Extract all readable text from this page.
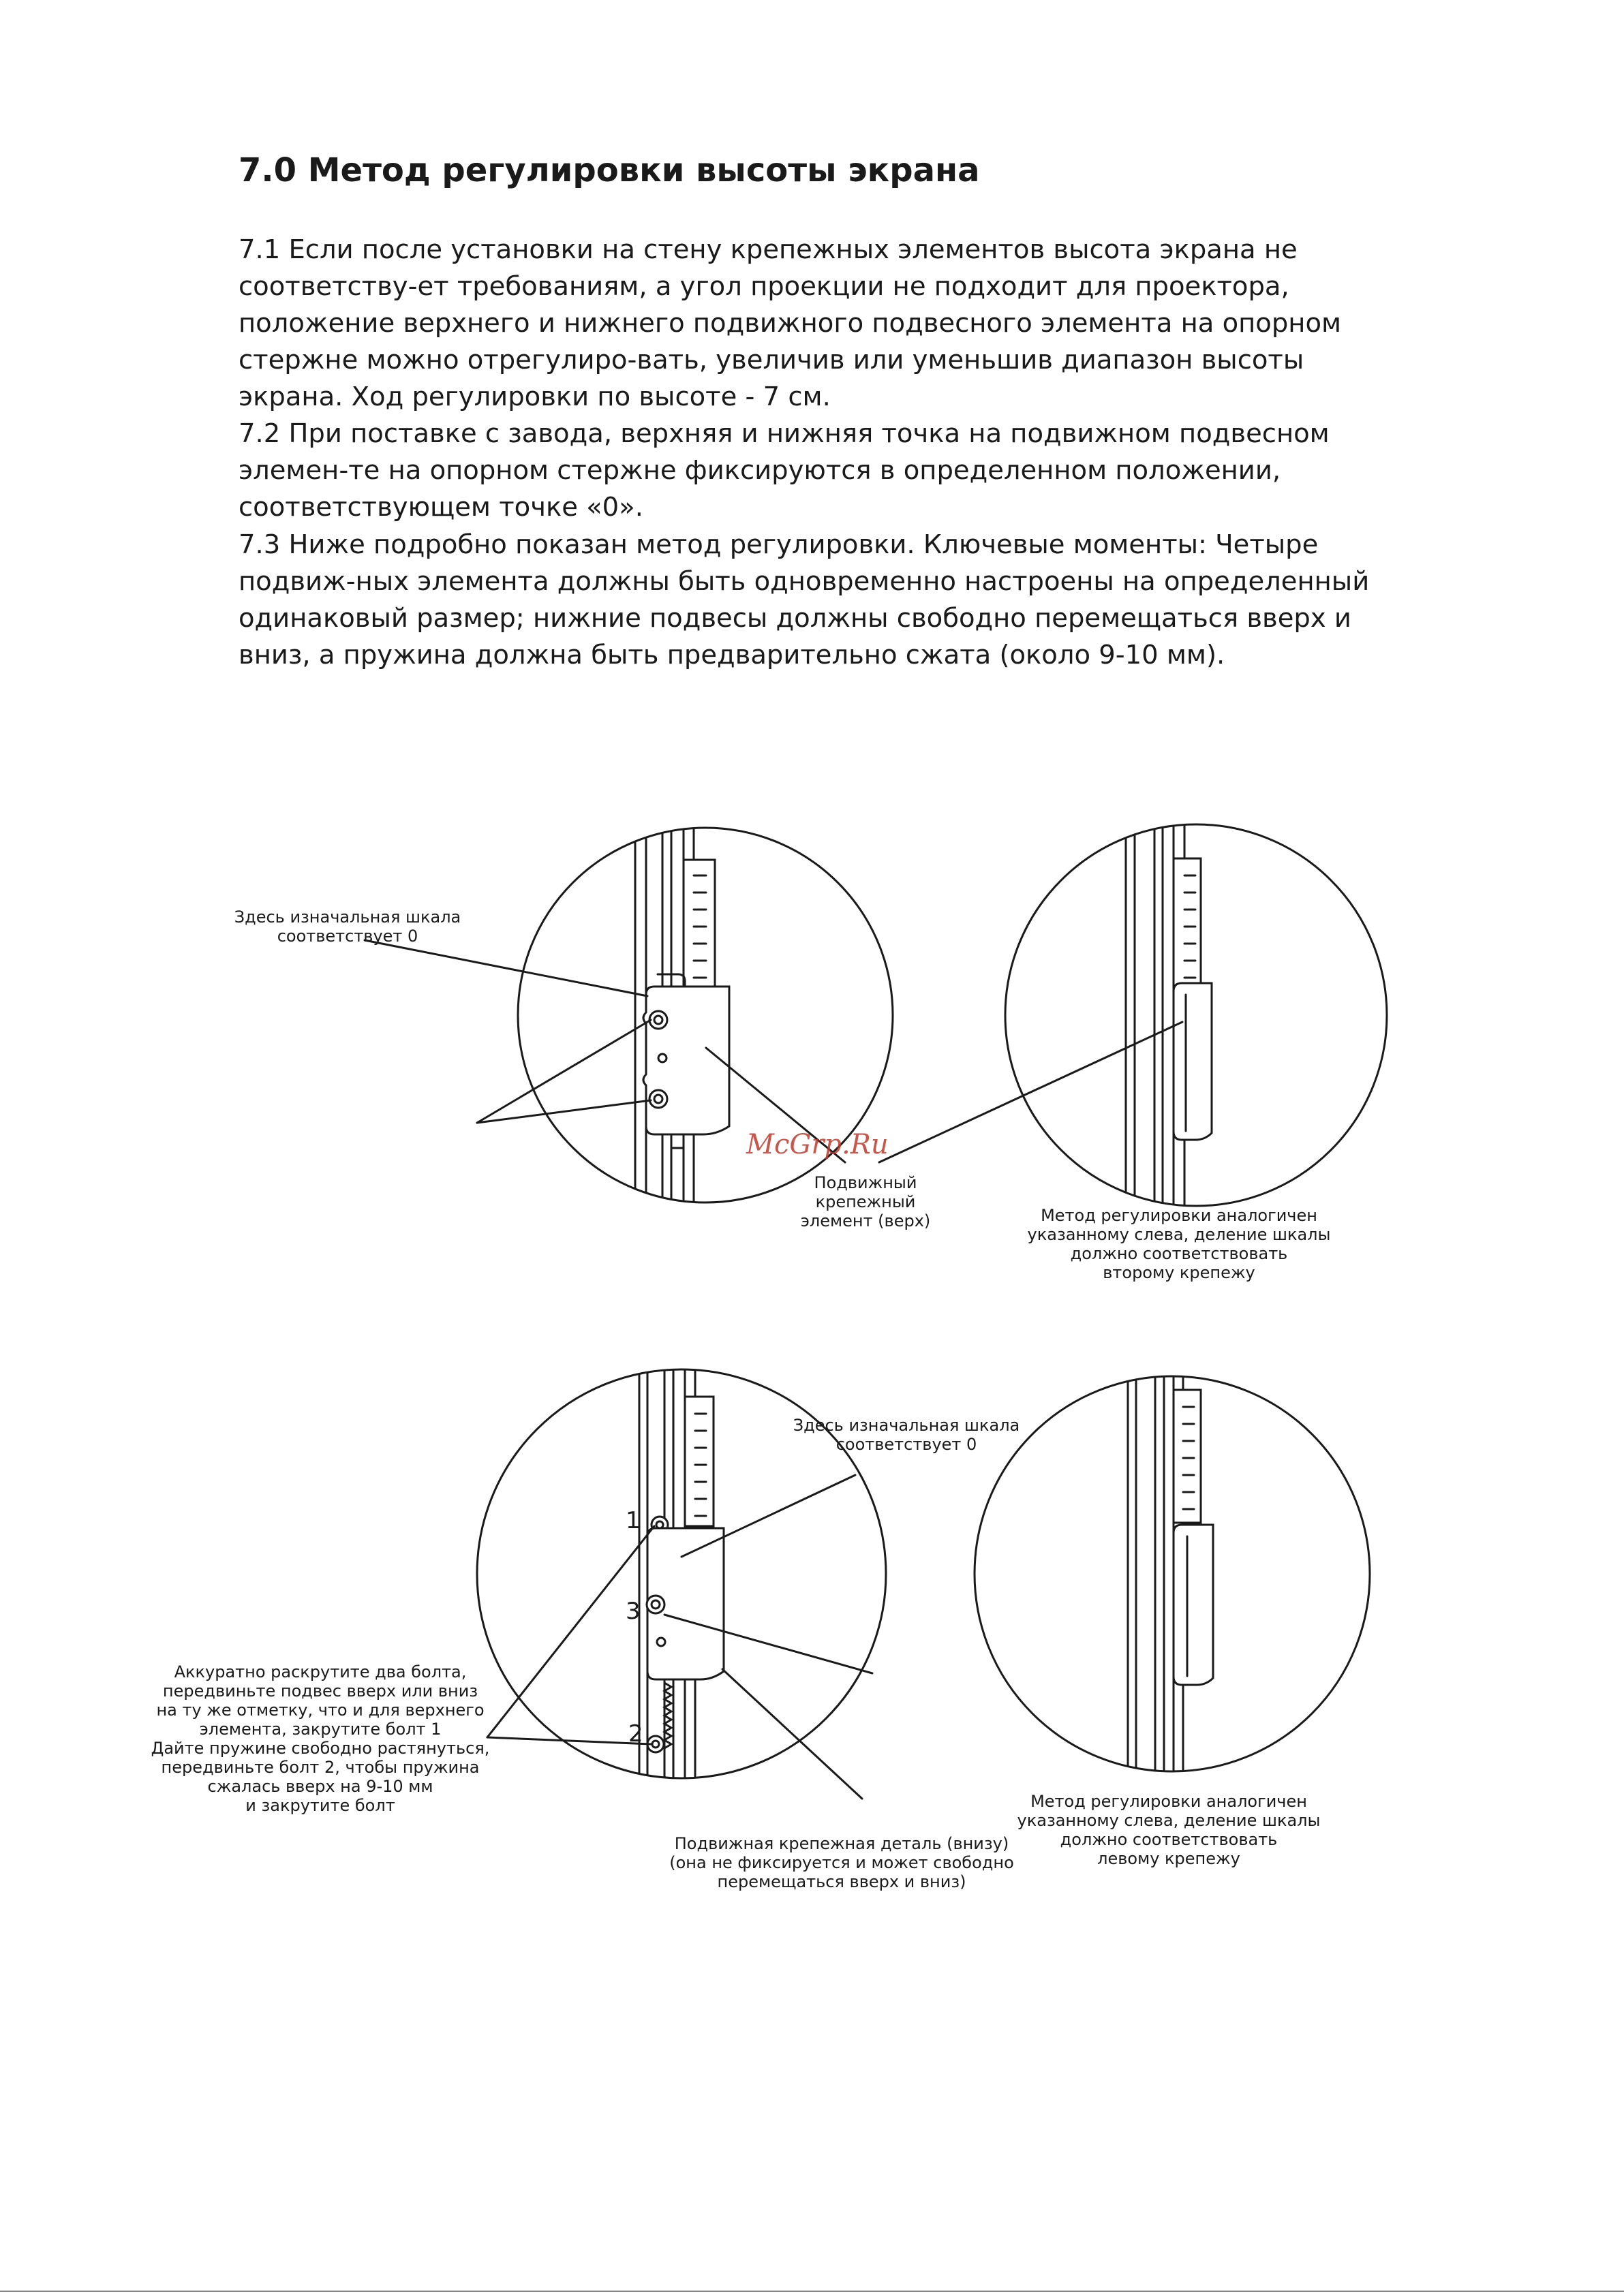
7.0 Метод регулировки высоты экрана

7.1 Если после установки на стену крепежных элементов высота экрана не соответству-ет требованиям, а угол проекции не подходит для проектора, положение верхнего и нижнего подвижного подвесного элемента на опорном стержне можно отрегулиро-вать, увеличив или уменьшив диапазон высоты экрана. Ход регулировки по высоте - 7 см.

7.2 При поставке с завода, верхняя и нижняя точка на подвижном подвесном элемен-те на опорном стержне фиксируются в определенном положении, соответствующем точке «0».

7.3 Ниже подробно показан метод регулировки. Ключевые моменты: Четыре подвиж-ных элемента должны быть одновременно настроены на определенный одинаковый размер; нижние подвесы должны свободно перемещаться вверх и вниз, а пружина должна быть предварительно сжата (около 9-10 мм).

Здесь изначальная шкала
соответствует 0

Подвижный
крепежный
элемент (верх)	Метод регулировки аналогичен
указанному слева, деление шкалы
должно соответствовать
второму крепежу

Здесь изначальная шкала
соответствует 0

Аккуратно раскрутите два болта,
передвиньте подвес вверх или вниз
на ту же отметку, что и для верхнего
элемента, закрутите болт 1
Дайте пружине свободно растянуться,
передвиньте болт 2, чтобы пружина
сжалась вверх на 9-10 мм
и закрутите болт

Подвижная крепежная деталь (внизу)
(она не фиксируется и может свободно
перемещаться вверх и вниз)

Метод регулировки аналогичен
указанному слева, деление шкалы
должно соответствовать
левому крепежу

1
3
2
McGrp.Ru
